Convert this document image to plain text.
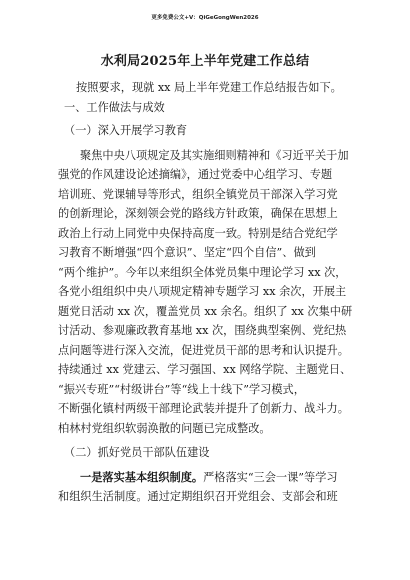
更多免费公文+V：QiGeGongWen2026
水利局2025年上半年党建工作总结
按照要求，现就 xx 局上半年党建工作总结报告如下。
一、工作做法与成效
（一）深入开展学习教育
聚焦中央八项规定及其实施细则精神和《习近平关于加
强党的作风建设论述摘编》，通过党委中心组学习、专题
培训班、党课辅导等形式，组织全镇党员干部深入学习党
的创新理论，深刻领会党的路线方针政策，确保在思想上
政治上行动上同党中央保持高度一致。特别是结合党纪学
习教育不断增强“四个意识”、坚定“四个自信”、做到
“两个维护”。今年以来组织全体党员集中理论学习 xx 次，
各党小组组织中央八项规定精神专题学习 xx 余次，开展主
题党日活动 xx 次，覆盖党员 xx 余名。组织了 xx 次集中研
讨活动、参观廉政教育基地 xx 次，围绕典型案例、党纪热
点问题等进行深入交流，促进党员干部的思考和认识提升。
持续通过 xx 党建云、学习强国、xx 网络学院、主题党日、
“振兴专班”“村级讲台”等“线上十线下”学习模式，
不断强化镇村两级干部理论武装并提升了创新力、战斗力。
柏林村党组织软弱涣散的问题已完成整改。
（二）抓好党员干部队伍建设
一是落实基本组织制度。严格落实“三会一课”等学习
和组织生活制度。通过定期组织召开党组会、支部会和班
